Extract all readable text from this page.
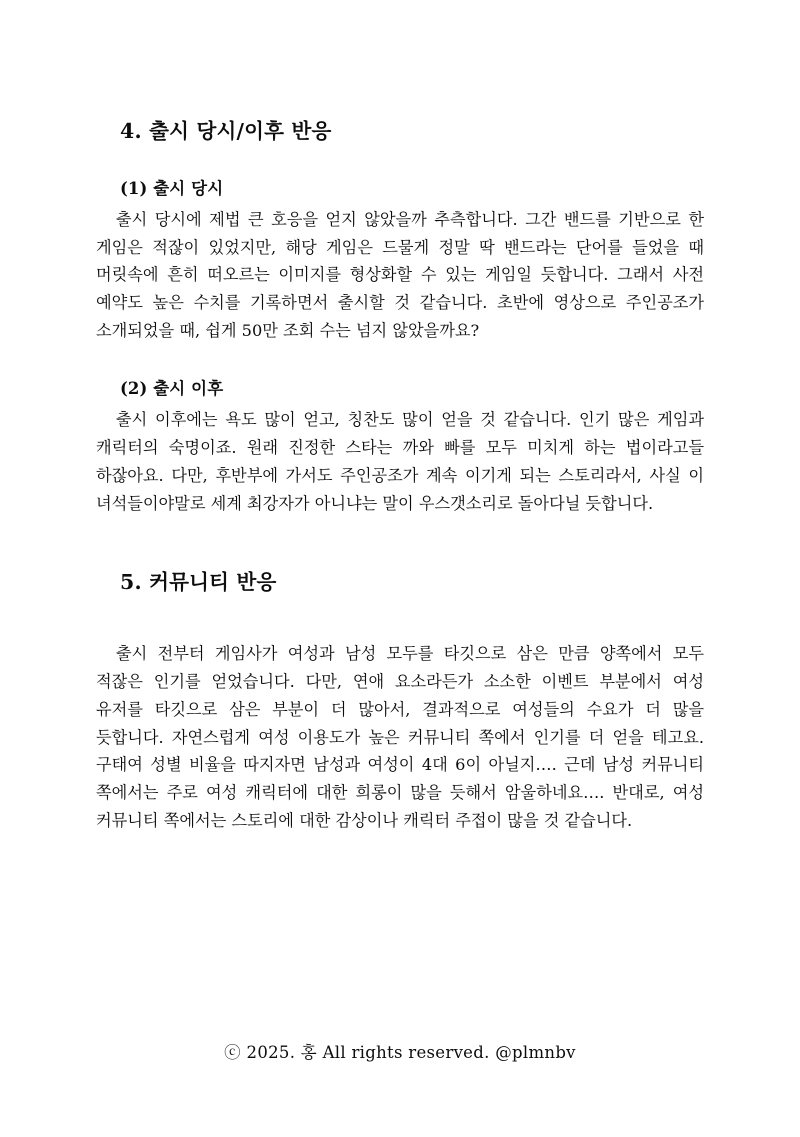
4. 출시 당시/이후 반응
(1) 출시 당시

출시 당시에 제법 큰 호응을 얻지 않았을까 추측합니다. 그간 밴드를 기반으로 한 게임은 적잖이 있었지만, 해당 게임은 드물게 정말 딱 밴드라는 단어를 들었을 때 머릿속에 흔히 떠오르는 이미지를 형상화할 수 있는 게임일 듯합니다. 그래서 사전 예약도 높은 수치를 기록하면서 출시할 것 같습니다. 초반에 영상으로 주인공조가 소개되었을 때, 쉽게 50만 조회 수는 넘지 않았을까요?

(2) 출시 이후

출시 이후에는 욕도 많이 얻고, 칭찬도 많이 얻을 것 같습니다. 인기 많은 게임과 캐릭터의 숙명이죠. 원래 진정한 스타는 까와 빠를 모두 미치게 하는 법이라고들 하잖아요. 다만, 후반부에 가서도 주인공조가 계속 이기게 되는 스토리라서, 사실 이 녀석들이야말로 세계 최강자가 아니냐는 말이 우스갯소리로 돌아다닐 듯합니다.

5. 커뮤니티 반응

출시 전부터 게임사가 여성과 남성 모두를 타깃으로 삼은 만큼 양쪽에서 모두 적잖은 인기를 얻었습니다. 다만, 연애 요소라든가 소소한 이벤트 부분에서 여성 유저를 타깃으로 삼은 부분이 더 많아서, 결과적으로 여성들의 수요가 더 많을 듯합니다. 자연스럽게 여성 이용도가 높은 커뮤니티 쪽에서 인기를 더 얻을 테고요. 구태여 성별 비율을 따지자면 남성과 여성이 4대 6이 아닐지…. 근데 남성 커뮤니티 쪽에서는 주로 여성 캐릭터에 대한 희롱이 많을 듯해서 암울하네요…. 반대로, 여성 커뮤니티 쪽에서는 스토리에 대한 감상이나 캐릭터 주접이 많을 것 같습니다.

ⓒ 2025. 홍 All rights reserved. @plmnbv
